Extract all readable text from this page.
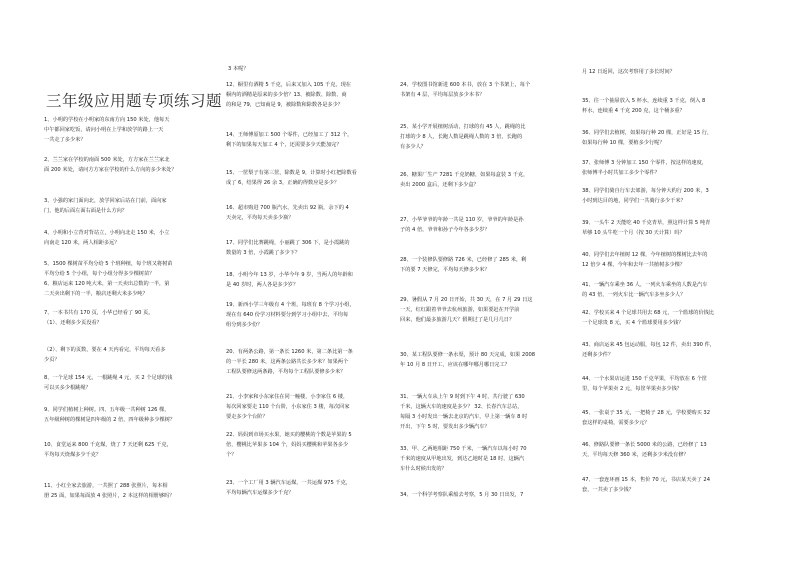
三年级应用题专项练习题
3 本呢？
1、小明的学校在小明家的东南方向 150 米处，他每天
中午都回家吃饭，请问小明在上学和放学的路上一天
一共走了多少米？
2、兰兰家在学校的南面 500 米处，方方家在兰兰家北
面 200 米处，请问方方家在学校的什么方向的多少米处？
3、小强的家门面向北，放学回家后站在门前，面向家
门，他的后面左面右面是什么方向？
4、小明和小立背对背站立，小明向北走 150 米，小立
向南走 120 米，两人相距多远？
5、1500 棵树苗平均分给 5 个班种植，每个班又将树苗
平均分给 5 个小组，每个小组分得多少棵树苗？
6、粮店运来 120 吨大米，第一天卖出总数的一半，第
二天卖出剩下的一半，粮店还剩大米多少吨？
7、一本书共有 170 页，小华已经看了 90 页。
（1）、还剩多少页没看？
（2）、剩下的页数，要在 4 天内看完，平均每天看多
少页？
8、一个足球 154 元，一根跳绳 4 元，买 2 个足球的钱
可以买多少根跳绳？
9、同学们植树上种树。四、五年级一共种树 126 棵，
五年级种树的棵树是四年级的 2 倍，四年级种多少棵树？
10、食堂运来 800 千克煤，烧了 7 天还剩 625 千克，
平均每天烧煤多少千克？
11、小红全家去旅游，一共照了 288 张照片，每本相
册 25 面，如果每面放 4 张照片，2 本这样的相册够吗？
12、橱里有酒精 5 千克，后来又加入 105 千克，现在
橱内的酒精是原来的多少倍？13、被除数、除数、商
的和是 79，已知商是 9，被除数和除数各是多少？
14、王师傅原加工 500 个零件，已经加工了 312 个，
剩下的如果每天加工 4 个，还需要多少天能加完？
15、一筐梨子有第三筐，除数是 9，计算时小红把除数看
成了 6，结果得 26 余 3，正确的得数应是多少？
16、超市购进 700 瓶汽水，先卖出 92 瓶，余下的 4
天卖完，平均每天卖多少瓶？
17、同学们比赛跳绳，小丽跳了 306 下，是小霞跳的
数量的 3 倍，小霞跳了多少下？
18、小明今年 13 岁，小华今年 9 岁，当两人的年龄和
是 40 岁时，两人各是多少岁？
19、新西小学三年级有 4 个班，每班有 8 个学习小组，
现在有 640 份学习材料要分到学习小组中去，平均每
组分到多少份？
20、有两条公路，第一条长 1260 米，第二条比第一条
的一半长 280 米，这两条公路共长多少米？如果两个
工程队要修这两条路，平均每个工程队要修多少米？
21、小李家和小东家住在同一幢楼，小李家住 6 楼，
每次回家要走 110 个台阶，小东家住 3 楼，每次回家
要走多少个台阶？
22、妈妈到市场买水果，她买的樱桃的个数是苹果的 5
倍，樱桃比苹果多 104 个，妈妈买樱桃和苹果各多少
个？
23、一个工厂用 3 辆汽车运煤，一共运煤 975 千克，
平均每辆汽车运煤多少千克？
24、学校图书馆新进 600 本书，放在 3 个书架上，每个
书架有 4 层，平均每层放多少本书？
25、某小学开展植树活动，打球的有 45 人，跳绳的比
打球的少 8 人，长跑人数是跳绳人数的 3 倍，长跑的
有多少人？
26、糖果厂生产 7281 千克奶糖，如果每盒装 3 千克，
卖出 2000 盒后，还剩下多少盒？
27、小华爷爷的年龄一共是 110 岁，爷爷的年龄是孙
子的 4 倍，爷爷和孙子今年各多少岁？
28、一个装修队要修路 726 米，已经修了 285 米，剩
下的要 7 天修完，平均每天修多少米？
29、暑假从 7 月 20 日开始，共 30 天，在 7 月 29 日这
一天，红红跟着爷爷去杭州旅游，如果要赶在开学前
回来，他们最多旅游几天？假期过了是几月几日？
30、某工程队要修一条水渠，预计 80 天完成，如果 2008
年 10 月 8 日开工，应该在哪年哪月哪日完工？
31、一辆大车从上午 9 时到下午 4 时，共行驶了 630
千米，这辆大车的速度是多少？ 32、长春汽车总站，
每隔 3 小时发出一辆去北京的汽车，早上第一辆车 8 时
开出，下午 5 时，要发出多少辆汽车？
33、甲、乙两地相距 750 千米，一辆汽车以每小时 70
千米的速度从甲地出发，到达乙地时是 18 时，这辆汽
车什么时候出发的？
34、一个科学考察队乘船去考察，5 月 30 日出发，7
月 12 日返回，这次考察用了多长时间？
35、往一个抽屉放入 5 杯水，连续重 3 千克，倒入 8
杯水，连续重 4 千克 200 克，这个桶多重？
36、同学们去植树，如果每行种 20 棵，正好是 15 行，
如果每行种 10 棵，要植多少行呢？
37、张师傅 3 分钟加工 150 个零件，按这样的速度，
张师傅半小时共加工多少个零件？
38、同学们骑自行车去郊游，每分钟大约行 200 米，3
小时到达目的地，同学们一共骑行多少千米？
39、一头牛 2 天能吃 40 千克青草，照这样计算 5 吨青
草够 10 头牛吃一个月（按 30 天计算）吗？
40、同学们去年植树 12 棵，今年植树的棵树比去年的
12 倍少 4 棵，今年和去年一共植树多少棵？
41、一辆汽车乘坐 36 人，一列火车乘坐的人数是汽车
的 43 倍，一列火车比一辆汽车多坐多少人？
42、学校买来 4 个足球共用去 68 元，一个篮球的价钱比
一个足球贵 8 元，买 4 个篮球要用多少钱？
43、商店运来 45 包运动服，每包 12 件，卖出 390 件，
还剩多少件？
44、一个水果店运进 150 千克苹果，平均放在 6 个筐
里，每个苹果卖 2 元，每筐苹果卖多少钱？
45、一张桌子 35 元，一把椅子 28 元，学校要购买 32
套这样的桌椅，需要多少元？
46、修路队要修一条长 5000 米的公路，已经修了 13
天，平均每天修 360 米，还剩多少米没有修？
47、一套连环画 15 本，售价 70 元，书店某天卖了 24
套，一共卖了多少钱？
